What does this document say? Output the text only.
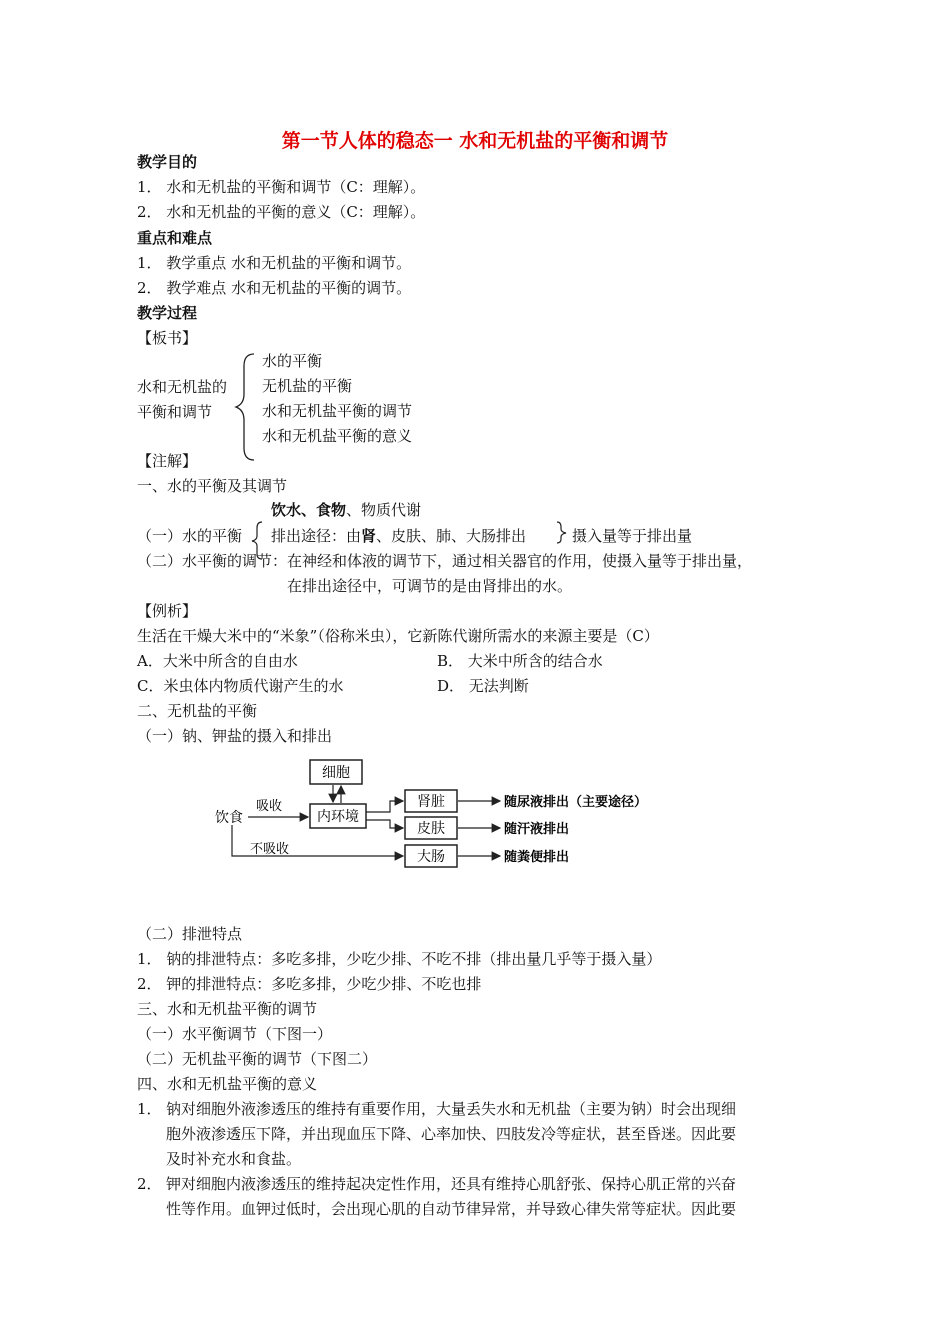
第一节人体的稳态一 水和无机盐的平衡和调节
教学目的
1． 水和无机盐的平衡和调节（C：理解）。
2． 水和无机盐的平衡的意义（C：理解）。
重点和难点
1． 教学重点 水和无机盐的平衡和调节。
2． 教学难点 水和无机盐的平衡的调节。
教学过程
【板书】
水和无机盐的
平衡和调节
水的平衡
无机盐的平衡
水和无机盐平衡的调节
水和无机盐平衡的意义
【注解】
一、水的平衡及其调节
饮水、食物、物质代谢
（一）水的平衡 排出途径：由肾、皮肤、肺、大肠排出	摄入量等于排出量
（二）水平衡的调节：在神经和体液的调节下，通过相关器官的作用，使摄入量等于排出量，
在排出途径中，可调节的是由肾排出的水。
【例析】
生活在干燥大米中的“米象”（俗称米虫），它新陈代谢所需水的来源主要是（C）
A．大米中所含的自由水	B． 大米中所含的结合水
C．米虫体内物质代谢产生的水	D． 无法判断
二、无机盐的平衡
（一）钠、钾盐的摄入和排出
细胞
内环境
肾脏
皮肤
大肠
饮食
吸收
不吸收
随尿液排出（主要途径）
随汗液排出
随粪便排出
（二）排泄特点
1． 钠的排泄特点：多吃多排，少吃少排、不吃不排（排出量几乎等于摄入量）
2． 钾的排泄特点：多吃多排，少吃少排、不吃也排
三、水和无机盐平衡的调节
（一）水平衡调节（下图一）
（二）无机盐平衡的调节（下图二）
四、水和无机盐平衡的意义
1． 钠对细胞外液渗透压的维持有重要作用，大量丢失水和无机盐（主要为钠）时会出现细
胞外液渗透压下降，并出现血压下降、心率加快、四肢发冷等症状，甚至昏迷。因此要
及时补充水和食盐。
2． 钾对细胞内液渗透压的维持起决定性作用，还具有维持心肌舒张、保持心肌正常的兴奋
性等作用。血钾过低时，会出现心肌的自动节律异常，并导致心律失常等症状。因此要
